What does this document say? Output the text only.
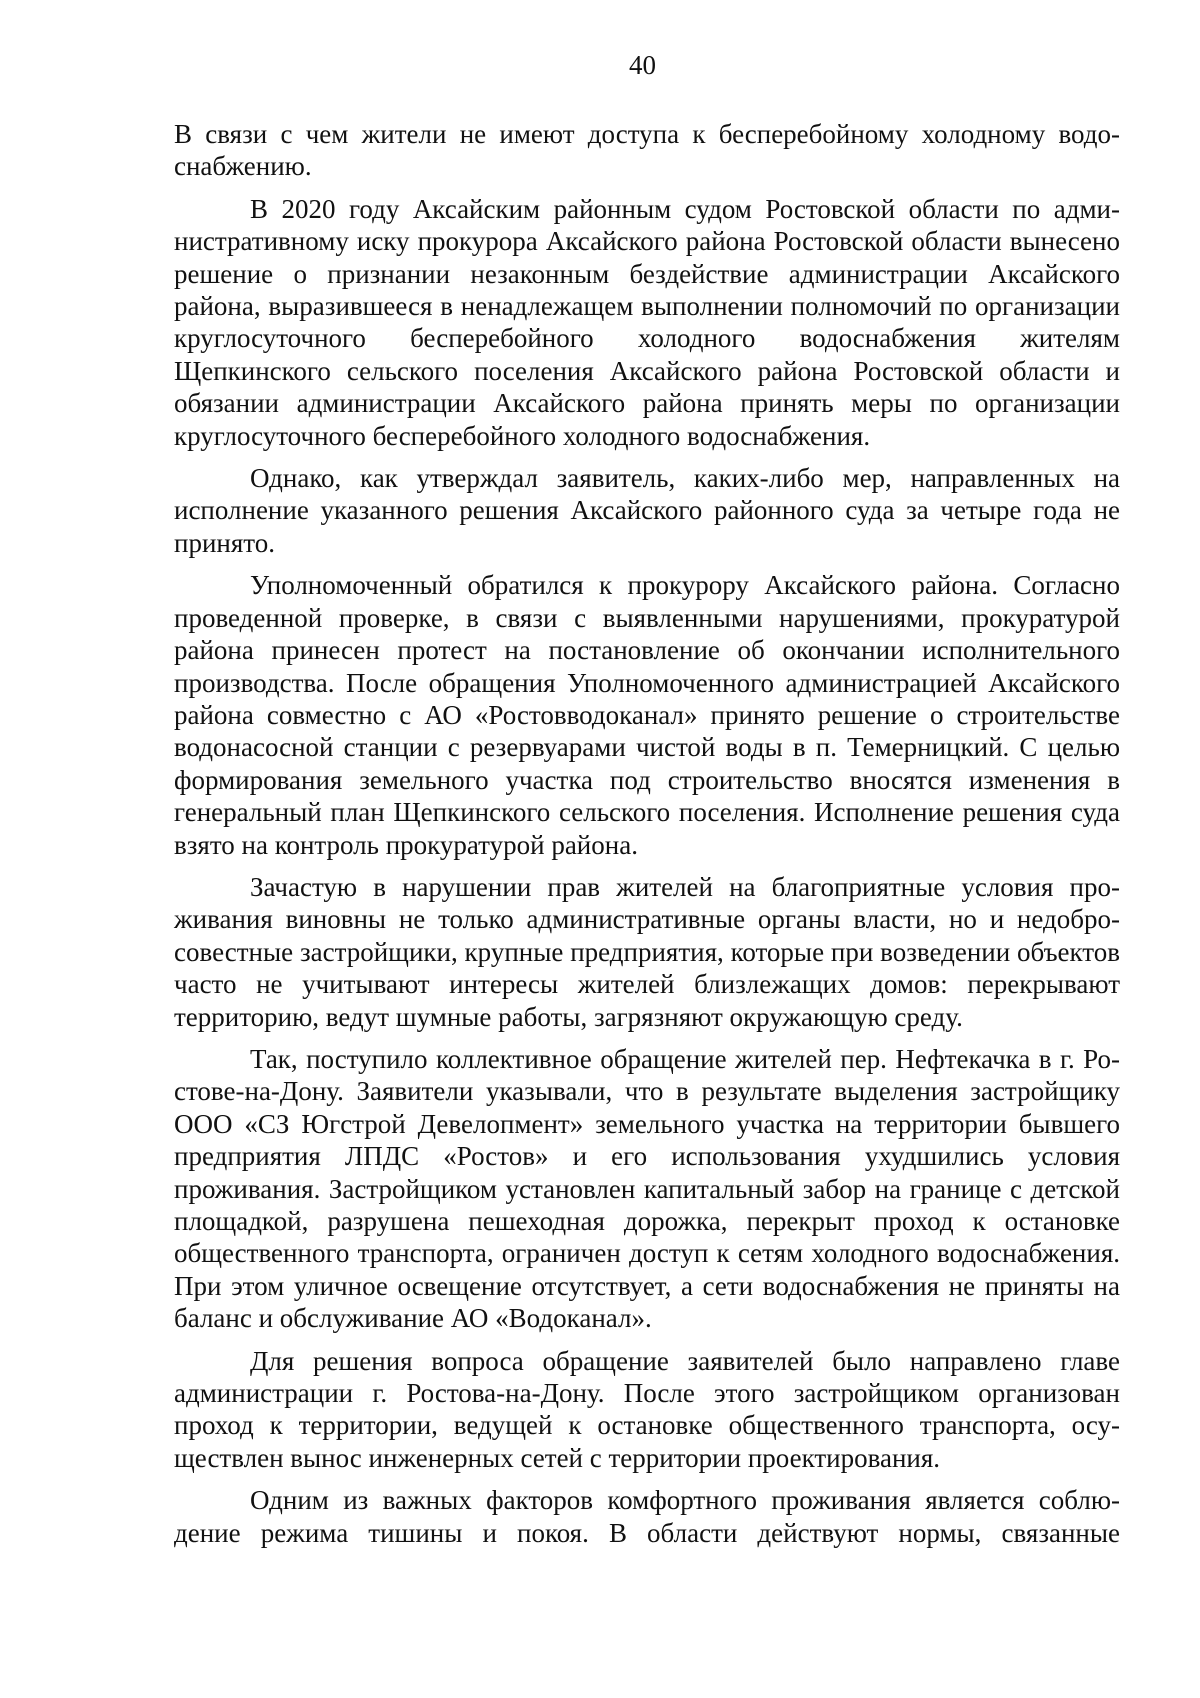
40

В связи с чем жители не имеют доступа к бесперебойному холодному водоснабжению.

В 2020 году Аксайским районным судом Ростовской области по административному иску прокурора Аксайского района Ростовской области вынесено решение о признании незаконным бездействие администрации Аксайского района, выразившееся в ненадлежащем выполнении полномочий по организации круглосуточного бесперебойного холодного водоснабжения жителям Щепкинского сельского поселения Аксайского района Ростовской области и обязании администрации Аксайского района принять меры по организации круглосуточного бесперебойного холодного водоснабжения.

Однако, как утверждал заявитель, каких-либо мер, направленных на исполнение указанного решения Аксайского районного суда за четыре года не принято.

Уполномоченный обратился к прокурору Аксайского района. Согласно проведенной проверке, в связи с выявленными нарушениями, прокуратурой района принесен протест на постановление об окончании исполнительного производства. После обращения Уполномоченного администрацией Аксайского района совместно с АО «Ростовводоканал» принято решение о строительстве водонасосной станции с резервуарами чистой воды в п. Темерницкий. С целью формирования земельного участка под строительство вносятся изменения в генеральный план Щепкинского сельского поселения. Исполнение решения суда взято на контроль прокуратурой района.

Зачастую в нарушении прав жителей на благоприятные условия проживания виновны не только административные органы власти, но и недобросовестные застройщики, крупные предприятия, которые при возведении объектов часто не учитывают интересы жителей близлежащих домов: перекрывают территорию, ведут шумные работы, загрязняют окружающую среду.

Так, поступило коллективное обращение жителей пер. Нефтекачка в г. Ростове-на-Дону. Заявители указывали, что в результате выделения застройщику ООО «СЗ Югстрой Девелопмент» земельного участка на территории бывшего предприятия ЛПДС «Ростов» и его использования ухудшились условия проживания. Застройщиком установлен капитальный забор на границе с детской площадкой, разрушена пешеходная дорожка, перекрыт проход к остановке общественного транспорта, ограничен доступ к сетям холодного водоснабжения. При этом уличное освещение отсутствует, а сети водоснабжения не приняты на баланс и обслуживание АО «Водоканал».

Для решения вопроса обращение заявителей было направлено главе администрации г. Ростова-на-Дону. После этого застройщиком организован проход к территории, ведущей к остановке общественного транспорта, осуществлен вынос инженерных сетей с территории проектирования.

Одним из важных факторов комфортного проживания является соблюдение режима тишины и покоя. В области действуют нормы, связанные
